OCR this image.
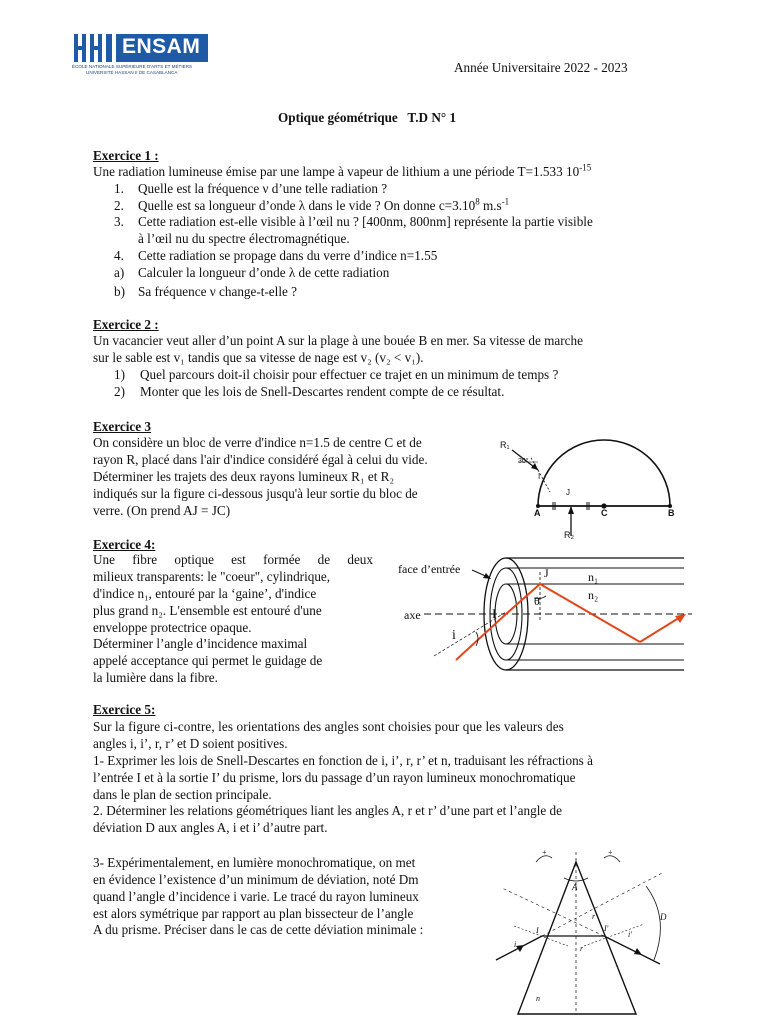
ENSAM
ÉCOLE NATIONALE SUPÉRIEURE D'ARTS ET MÉTIERS
UNIVERSITÉ HASSAN II DE CASABLANCA	Année Universitaire 2022 - 2023
Optique géométrique   T.D N° 1
Exercice 1 :
Une radiation lumineuse émise par une lampe à vapeur de lithium a une période T=1.533 $10^{-15}$
1. Quelle est la fréquence ν d’une telle radiation ?
2. Quelle est sa longueur d’onde λ dans le vide ? On donne $c=3.10^8$ $m.s^{-1}$
3. Cette radiation est-elle visible à l’œil nu ? [400nm, 800nm] représente la partie visible
à l’œil nu du spectre électromagnétique.
4. Cette radiation se propage dans du verre d’indice n=1.55
a) Calculer la longueur d’onde λ de cette radiation
b) Sa fréquence ν change-t-elle ?
Exercice 2 :
Un vacancier veut aller d’un point A sur la plage à une bouée B en mer. Sa vitesse de marche
sur le sable est v₁ tandis que sa vitesse de nage est v₂ (v₂ < v₁).
1) Quel parcours doit-il choisir pour effectuer ce trajet en un minimum de temps ?
2) Monter que les lois de Snell-Descartes rendent compte de ce résultat.
Exercice 3
On considère un bloc de verre d'indice n=1.5 de centre C et de
rayon R, placé dans l'air d'indice considéré égal à celui du vide.
Déterminer les trajets des deux rayons lumineux R₁ et R₂
indiqués sur la figure ci-dessous jusqu'à leur sortie du bloc de
verre. (On prend AJ = JC)
R₁
30°
I
J
A	C	B
R₂
Exercice 4:
Une fibre optique est formée de deux
milieux transparents: le "coeur", cylindrique,
d'indice n₁, entouré par la ‘gaine’, d'indice
plus grand n₂. L'ensemble est entouré d'une
enveloppe protectrice opaque.
Déterminer l’angle d’incidence maximal
appelé acceptance qui permet le guidage de
la lumière dans la fibre.
face d’entrée
axe
J	n₁
n₂
I
θ
i
Exercice 5:
Sur la figure ci-contre, les orientations des angles sont choisies pour que les valeurs des
angles i, i’, r, r’ et D soient positives.
1- Exprimer les lois de Snell-Descartes en fonction de i, i’, r, r’ et n, traduisant les réfractions à
l’entrée I et à la sortie I’ du prisme, lors du passage d’un rayon lumineux monochromatique
dans le plan de section principale.
2. Déterminer les relations géométriques liant les angles A, r et r’ d’une part et l’angle de
déviation D aux angles A, i et i’ d’autre part.
3- Expérimentalement, en lumière monochromatique, on met
en évidence l’existence d’un minimum de déviation, noté Dm
quand l’angle d’incidence i varie. Le tracé du rayon lumineux
est alors symétrique par rapport au plan bissecteur de l’angle
A du prisme. Préciser dans le cas de cette déviation minimale :
A
D
I	I'
i
i'
r
r'
n
+	+
